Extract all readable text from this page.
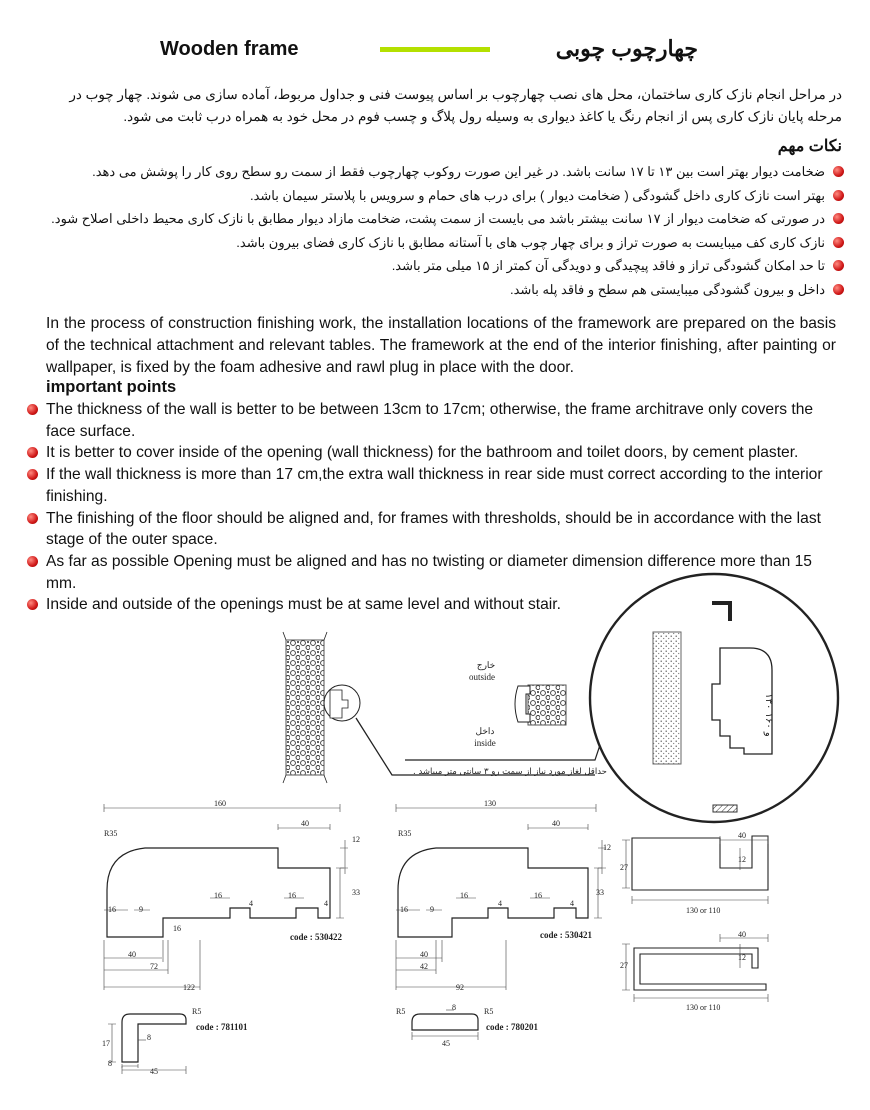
Wooden frame	چهارچوب چوبی
در مراحل انجام نازک کاری ساختمان، محل های نصب چهارچوب بر اساس پیوست فنی و جداول مربوط، آماده سازی می شوند. چهار چوب در مرحله پایان نازک کاری پس از انجام رنگ یا کاغذ دیواری به وسیله رول پلاگ و چسب فوم در محل خود به همراه درب ثابت می شود.
نکات مهم
ضخامت دیوار بهتر است بین ۱۳ تا ۱۷ سانت باشد. در غیر این صورت روکوب چهارچوب فقط از سمت رو سطح روی کار را پوشش می دهد.
بهتر است نازک کاری داخل گشودگی ( ضخامت دیوار ) برای درب های حمام و سرویس با پلاستر سیمان باشد.
در صورتی که ضخامت دیوار از ۱۷ سانت بیشتر باشد می بایست از سمت پشت، ضخامت مازاد دیوار مطابق با نازک کاری محیط داخلی اصلاح شود.
نازک کاری کف میبایست به صورت تراز و برای چهار چوب های با آستانه مطابق با نازک کاری فضای بیرون باشد.
تا حد امکان گشودگی تراز و فاقد پیچیدگی و دویدگی آن کمتر از ۱۵ میلی متر باشد.
داخل و بیرون گشودگی میبایستی هم سطح و فاقد پله باشد.
In the process of construction finishing work, the installation locations of the framework are prepared on the basis of the technical attachment and relevant tables. The framework at the end of the interior finishing, after painting or wallpaper, is fixed by the foam adhesive and rawl plug in place with the door.
important points
The thickness of the wall is better to be between 13cm to 17cm; otherwise, the frame architrave only covers the face surface.
It is better to cover inside of the opening (wall thickness) for the bathroom and toilet doors, by cement plaster.
If the wall thickness is more than 17 cm,the extra wall thickness in rear side must correct according to the interior finishing.
The finishing of the floor should be aligned and, for frames with thresholds, should be in accordance with the last stage of the outer space.
As far as possible Opening must be aligned and has no twisting or diameter dimension difference more than 15 mm.
Inside and outside of the openings must be at same level and without stair.
خارج
outside
داخل
inside
حداقل لغاز مورد نیاز از سمت رو ۳ سانتی متر میباشد .
۱۳۰ و ۱۶۰
160
40
12
33
R35
16	9
16
16
4
16
4
40
72
122
code : 530422
130
40
12
33
R35
16	9
16
4
16
4
40
42
92
code : 530421
40
12
27
130 or 110
40
12
27
130 or 110
R5
8
17
8
45
code : 781101
R5	R5
8
45
code : 780201
